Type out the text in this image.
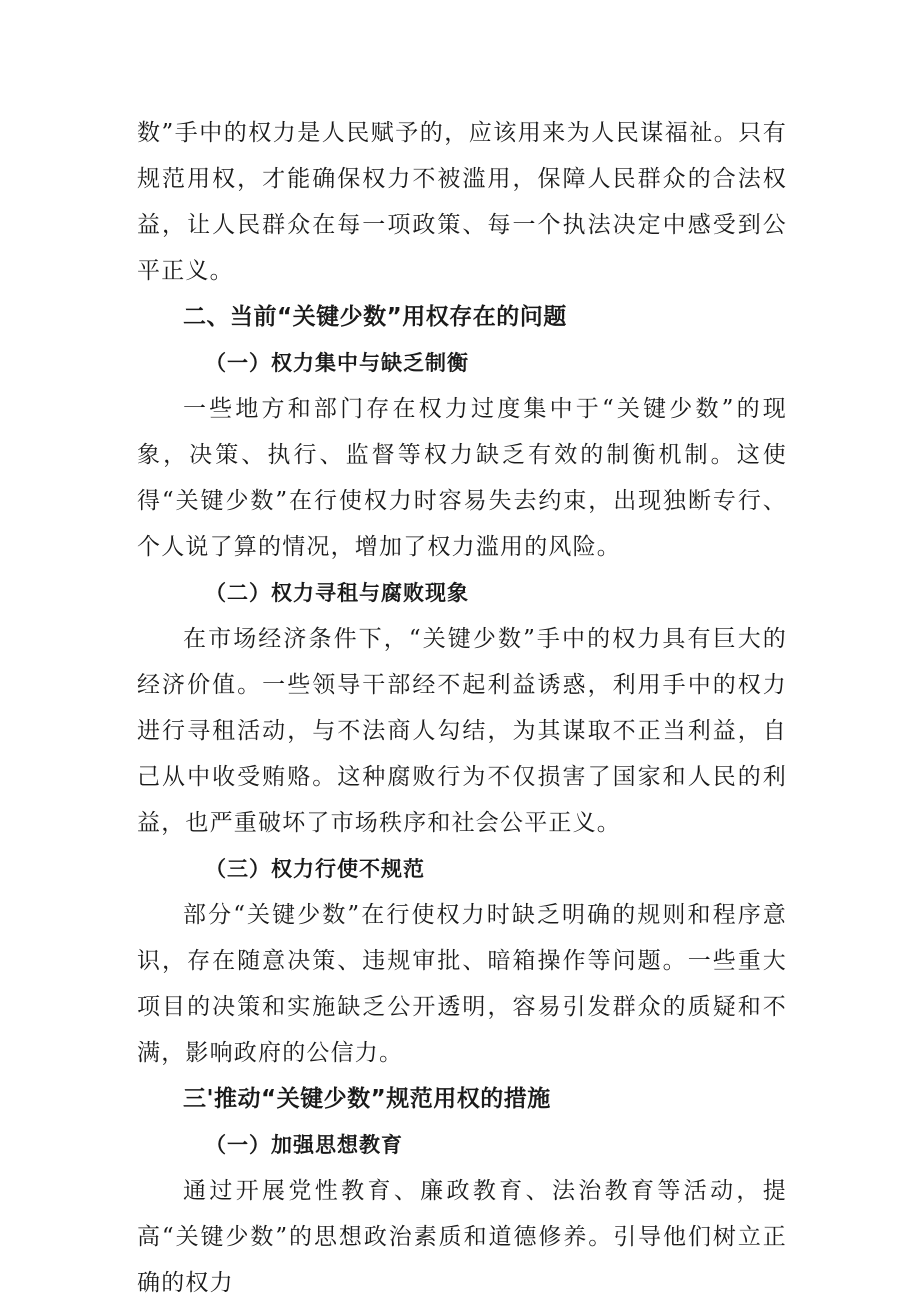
数”手中的权力是人民赋予的，应该用来为人民谋福祉。只有规范用权，才能确保权力不被滥用，保障人民群众的合法权益，让人民群众在每一项政策、每一个执法决定中感受到公平正义。

二、当前“关键少数”用权存在的问题
（一）权力集中与缺乏制衡

一些地方和部门存在权力过度集中于“关键少数”的现象，决策、执行、监督等权力缺乏有效的制衡机制。这使得“关键少数”在行使权力时容易失去约束，出现独断专行、个人说了算的情况，增加了权力滥用的风险。

（二）权力寻租与腐败现象

在市场经济条件下，“关键少数”手中的权力具有巨大的经济价值。一些领导干部经不起利益诱惑，利用手中的权力进行寻租活动，与不法商人勾结，为其谋取不正当利益，自己从中收受贿赂。这种腐败行为不仅损害了国家和人民的利益，也严重破坏了市场秩序和社会公平正义。

（三）权力行使不规范

部分“关键少数”在行使权力时缺乏明确的规则和程序意识，存在随意决策、违规审批、暗箱操作等问题。一些重大项目的决策和实施缺乏公开透明，容易引发群众的质疑和不满，影响政府的公信力。

三'推动“关键少数”规范用权的措施
（一）加强思想教育

通过开展党性教育、廉政教育、法治教育等活动，提高“关键少数”的思想政治素质和道德修养。引导他们树立正确的权力
